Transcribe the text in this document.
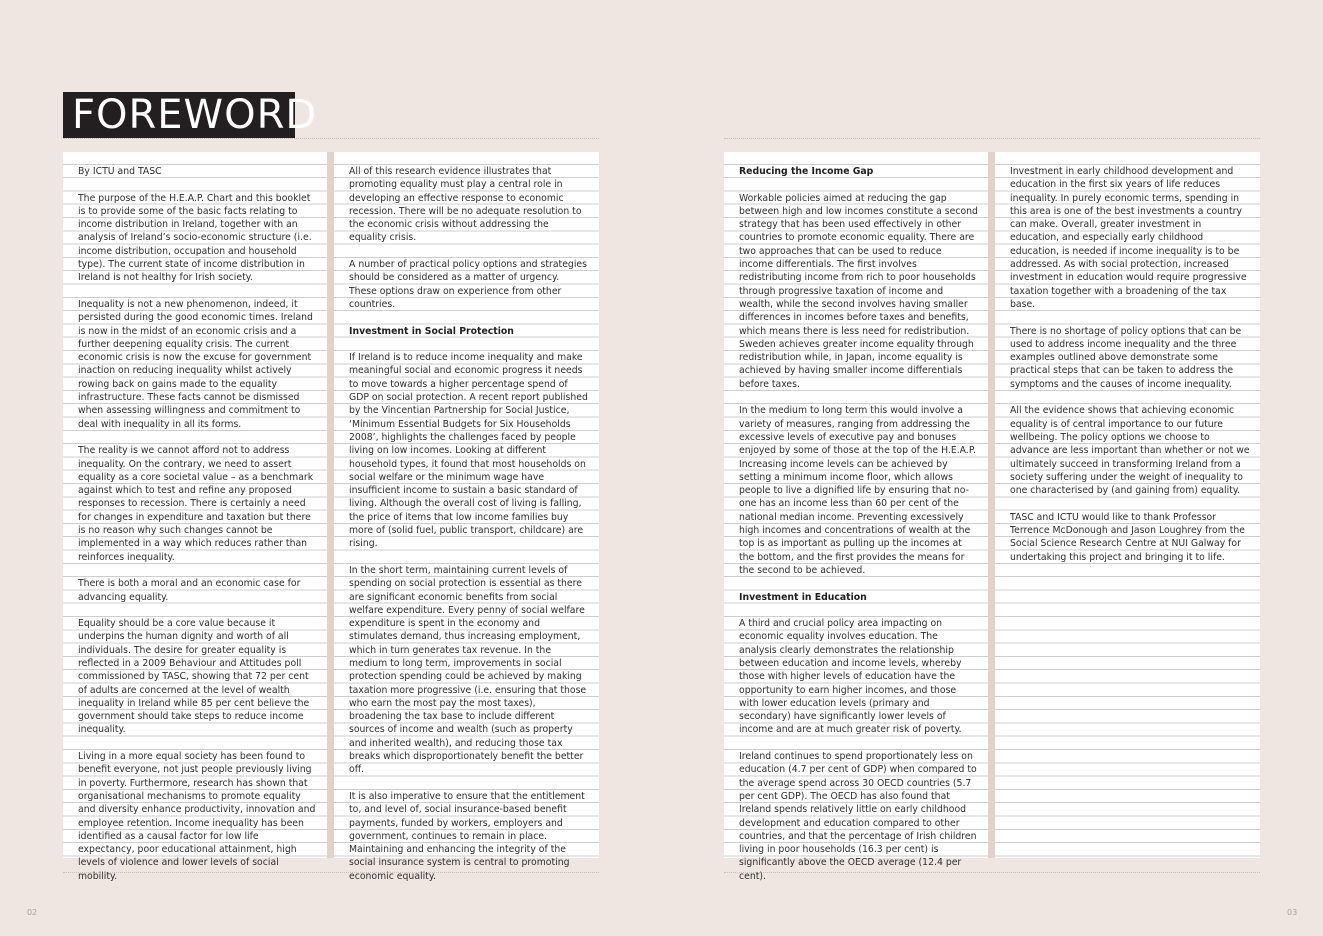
FOREWORD

By ICTU and TASC

The purpose of the H.E.A.P. Chart and this booklet is to provide some of the basic facts relating to income distribution in Ireland, together with an analysis of Ireland’s socio-economic structure (i.e. income distribution, occupation and household type). The current state of income distribution in Ireland is not healthy for Irish society.

Inequality is not a new phenomenon, indeed, it persisted during the good economic times. Ireland is now in the midst of an economic crisis and a further deepening equality crisis. The current economic crisis is now the excuse for government inaction on reducing inequality whilst actively rowing back on gains made to the equality infrastructure. These facts cannot be dismissed when assessing willingness and commitment to deal with inequality in all its forms.

The reality is we cannot afford not to address inequality. On the contrary, we need to assert equality as a core societal value – as a benchmark against which to test and refine any proposed responses to recession. There is certainly a need for changes in expenditure and taxation but there is no reason why such changes cannot be implemented in a way which reduces rather than reinforces inequality.

There is both a moral and an economic case for advancing equality.

Equality should be a core value because it underpins the human dignity and worth of all individuals. The desire for greater equality is reflected in a 2009 Behaviour and Attitudes poll commissioned by TASC, showing that 72 per cent of adults are concerned at the level of wealth inequality in Ireland while 85 per cent believe the government should take steps to reduce income inequality.

Living in a more equal society has been found to benefit everyone, not just people previously living in poverty. Furthermore, research has shown that organisational mechanisms to promote equality and diversity enhance productivity, innovation and employee retention. Income inequality has been identified as a causal factor for low life expectancy, poor educational attainment, high levels of violence and lower levels of social mobility.

All of this research evidence illustrates that promoting equality must play a central role in developing an effective response to economic recession. There will be no adequate resolution to the economic crisis without addressing the equality crisis.

A number of practical policy options and strategies should be considered as a matter of urgency. These options draw on experience from other countries.

Investment in Social Protection

If Ireland is to reduce income inequality and make meaningful social and economic progress it needs to move towards a higher percentage spend of GDP on social protection. A recent report published by the Vincentian Partnership for Social Justice, ‘Minimum Essential Budgets for Six Households 2008’, highlights the challenges faced by people living on low incomes. Looking at different household types, it found that most households on social welfare or the minimum wage have insufficient income to sustain a basic standard of living. Although the overall cost of living is falling, the price of items that low income families buy more of (solid fuel, public transport, childcare) are rising.

In the short term, maintaining current levels of spending on social protection is essential as there are significant economic benefits from social welfare expenditure. Every penny of social welfare expenditure is spent in the economy and stimulates demand, thus increasing employment, which in turn generates tax revenue. In the medium to long term, improvements in social protection spending could be achieved by making taxation more progressive (i.e. ensuring that those who earn the most pay the most taxes), broadening the tax base to include different sources of income and wealth (such as property and inherited wealth), and reducing those tax breaks which disproportionately benefit the better off.

It is also imperative to ensure that the entitlement to, and level of, social insurance-based benefit payments, funded by workers, employers and government, continues to remain in place. Maintaining and enhancing the integrity of the social insurance system is central to promoting economic equality.

Reducing the Income Gap

Workable policies aimed at reducing the gap between high and low incomes constitute a second strategy that has been used effectively in other countries to promote economic equality. There are two approaches that can be used to reduce income differentials. The first involves redistributing income from rich to poor households through progressive taxation of income and wealth, while the second involves having smaller differences in incomes before taxes and benefits, which means there is less need for redistribution. Sweden achieves greater income equality through redistribution while, in Japan, income equality is achieved by having smaller income differentials before taxes.

In the medium to long term this would involve a variety of measures, ranging from addressing the excessive levels of executive pay and bonuses enjoyed by some of those at the top of the H.E.A.P. Increasing income levels can be achieved by setting a minimum income floor, which allows people to live a dignified life by ensuring that no-one has an income less than 60 per cent of the national median income. Preventing excessively high incomes and concentrations of wealth at the top is as important as pulling up the incomes at the bottom, and the first provides the means for the second to be achieved.

Investment in Education

A third and crucial policy area impacting on economic equality involves education. The analysis clearly demonstrates the relationship between education and income levels, whereby those with higher levels of education have the opportunity to earn higher incomes, and those with lower education levels (primary and secondary) have significantly lower levels of income and are at much greater risk of poverty.

Ireland continues to spend proportionately less on education (4.7 per cent of GDP) when compared to the average spend across 30 OECD countries (5.7 per cent GDP). The OECD has also found that Ireland spends relatively little on early childhood development and education compared to other countries, and that the percentage of Irish children living in poor households (16.3 per cent) is significantly above the OECD average (12.4 per cent).

Investment in early childhood development and education in the first six years of life reduces inequality. In purely economic terms, spending in this area is one of the best investments a country can make. Overall, greater investment in education, and especially early childhood education, is needed if income inequality is to be addressed. As with social protection, increased investment in education would require progressive taxation together with a broadening of the tax base.

There is no shortage of policy options that can be used to address income inequality and the three examples outlined above demonstrate some practical steps that can be taken to address the symptoms and the causes of income inequality.

All the evidence shows that achieving economic equality is of central importance to our future wellbeing. The policy options we choose to advance are less important than whether or not we ultimately succeed in transforming Ireland from a society suffering under the weight of inequality to one characterised by (and gaining from) equality.

TASC and ICTU would like to thank Professor Terrence McDonough and Jason Loughrey from the Social Science Research Centre at NUI Galway for undertaking this project and bringing it to life.

02	03
